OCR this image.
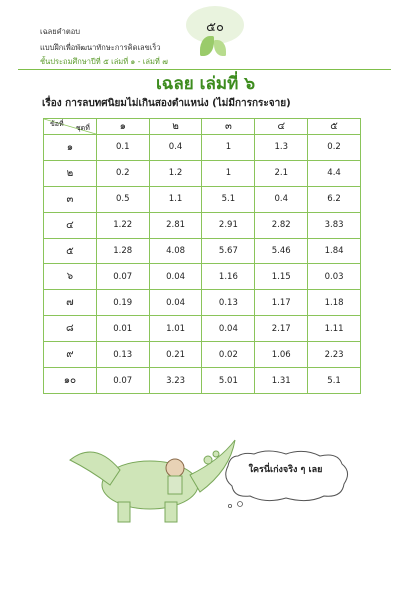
๕๐
เฉลยคำตอบ
แบบฝึกเพื่อพัฒนาทักษะการคิดเลขเร็ว
ชั้นประถมศึกษาปีที่ ๕ เล่มที่ ๑ - เล่มที่ ๗
เฉลย เล่มที่ ๖
เรื่อง การลบทศนิยมไม่เกินสองตำแหน่ง (ไม่มีการกระจาย)
ชุดที่
ข้อที่	๑	๒	๓	๔	๕
๑	0.1	0.4	1	1.3	0.2
๒	0.2	1.2	1	2.1	4.4
๓	0.5	1.1	5.1	0.4	6.2
๔	1.22	2.81	2.91	2.82	3.83
๕	1.28	4.08	5.67	5.46	1.84
๖	0.07	0.04	1.16	1.15	0.03
๗	0.19	0.04	0.13	1.17	1.18
๘	0.01	1.01	0.04	2.17	1.11
๙	0.13	0.21	0.02	1.06	2.23
๑๐	0.07	3.23	5.01	1.31	5.1
ใครนี่เก่งจริง ๆ เลย
